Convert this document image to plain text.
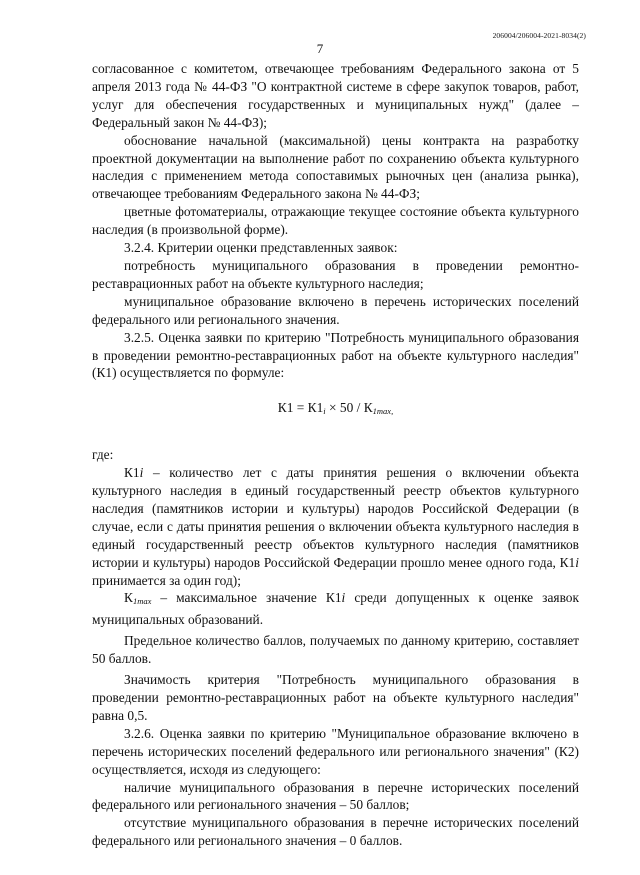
206004/206004-2021-8034(2)
7

согласованное с комитетом, отвечающее требованиям Федерального закона от 5 апреля 2013 года № 44-ФЗ "О контрактной системе в сфере закупок товаров, работ, услуг для обеспечения государственных и муниципальных нужд" (далее – Федеральный закон № 44-ФЗ);

обоснование начальной (максимальной) цены контракта на разработку проектной документации на выполнение работ по сохранению объекта культурного наследия с применением метода сопоставимых рыночных цен (анализа рынка), отвечающее требованиям Федерального закона № 44-ФЗ;

цветные фотоматериалы, отражающие текущее состояние объекта культурного наследия (в произвольной форме).

3.2.4. Критерии оценки представленных заявок:

потребность муниципального образования в проведении ремонтно-реставрационных работ на объекте культурного наследия;

муниципальное образование включено в перечень исторических поселений федерального или регионального значения.

3.2.5. Оценка заявки по критерию "Потребность муниципального образования в проведении ремонтно-реставрационных работ на объекте культурного наследия" (К1) осуществляется по формуле:

$К1 = К1_i \times 50 / К_{1max,}$

где:

К1i – количество лет с даты принятия решения о включении объекта культурного наследия в единый государственный реестр объектов культурного наследия (памятников истории и культуры) народов Российской Федерации (в случае, если с даты принятия решения о включении объекта культурного наследия в единый государственный реестр объектов культурного наследия (памятников истории и культуры) народов Российской Федерации прошло менее одного года, К1i принимается за один год);

$К_{1max}$ – максимальное значение К1i среди допущенных к оценке заявок муниципальных образований.

Предельное количество баллов, получаемых по данному критерию, составляет 50 баллов.

Значимость критерия "Потребность муниципального образования в проведении ремонтно-реставрационных работ на объекте культурного наследия" равна 0,5.

3.2.6. Оценка заявки по критерию "Муниципальное образование включено в перечень исторических поселений федерального или регионального значения" (К2) осуществляется, исходя из следующего:

наличие муниципального образования в перечне исторических поселений федерального или регионального значения – 50 баллов;

отсутствие муниципального образования в перечне исторических поселений федерального или регионального значения – 0 баллов.
